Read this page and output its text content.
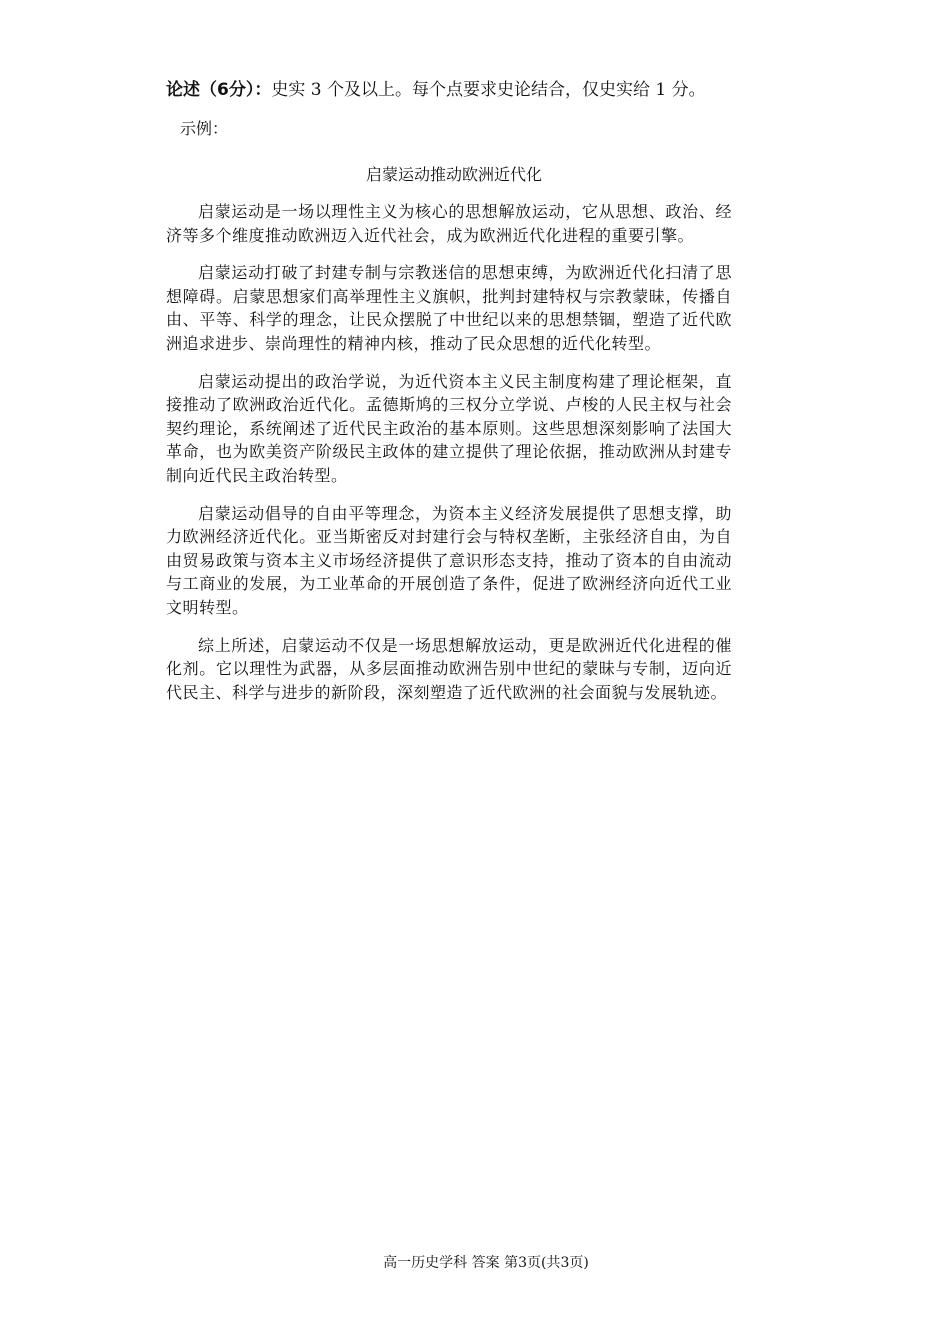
论述（6分）：史实 3 个及以上。每个点要求史论结合，仅史实给 1 分。

示例：

启蒙运动推动欧洲近代化

启蒙运动是一场以理性主义为核心的思想解放运动，它从思想、政治、经济等多个维度推动欧洲迈入近代社会，成为欧洲近代化进程的重要引擎。

启蒙运动打破了封建专制与宗教迷信的思想束缚，为欧洲近代化扫清了思想障碍。启蒙思想家们高举理性主义旗帜，批判封建特权与宗教蒙昧，传播自由、平等、科学的理念，让民众摆脱了中世纪以来的思想禁锢，塑造了近代欧洲追求进步、崇尚理性的精神内核，推动了民众思想的近代化转型。

启蒙运动提出的政治学说，为近代资本主义民主制度构建了理论框架，直接推动了欧洲政治近代化。孟德斯鸠的三权分立学说、卢梭的人民主权与社会契约理论，系统阐述了近代民主政治的基本原则。这些思想深刻影响了法国大革命，也为欧美资产阶级民主政体的建立提供了理论依据，推动欧洲从封建专制向近代民主政治转型。

启蒙运动倡导的自由平等理念，为资本主义经济发展提供了思想支撑，助力欧洲经济近代化。亚当斯密反对封建行会与特权垄断，主张经济自由，为自由贸易政策与资本主义市场经济提供了意识形态支持，推动了资本的自由流动与工商业的发展，为工业革命的开展创造了条件，促进了欧洲经济向近代工业文明转型。

综上所述，启蒙运动不仅是一场思想解放运动，更是欧洲近代化进程的催化剂。它以理性为武器，从多层面推动欧洲告别中世纪的蒙昧与专制，迈向近代民主、科学与进步的新阶段，深刻塑造了近代欧洲的社会面貌与发展轨迹。

高一历史学科 答案 第3页(共3页)
